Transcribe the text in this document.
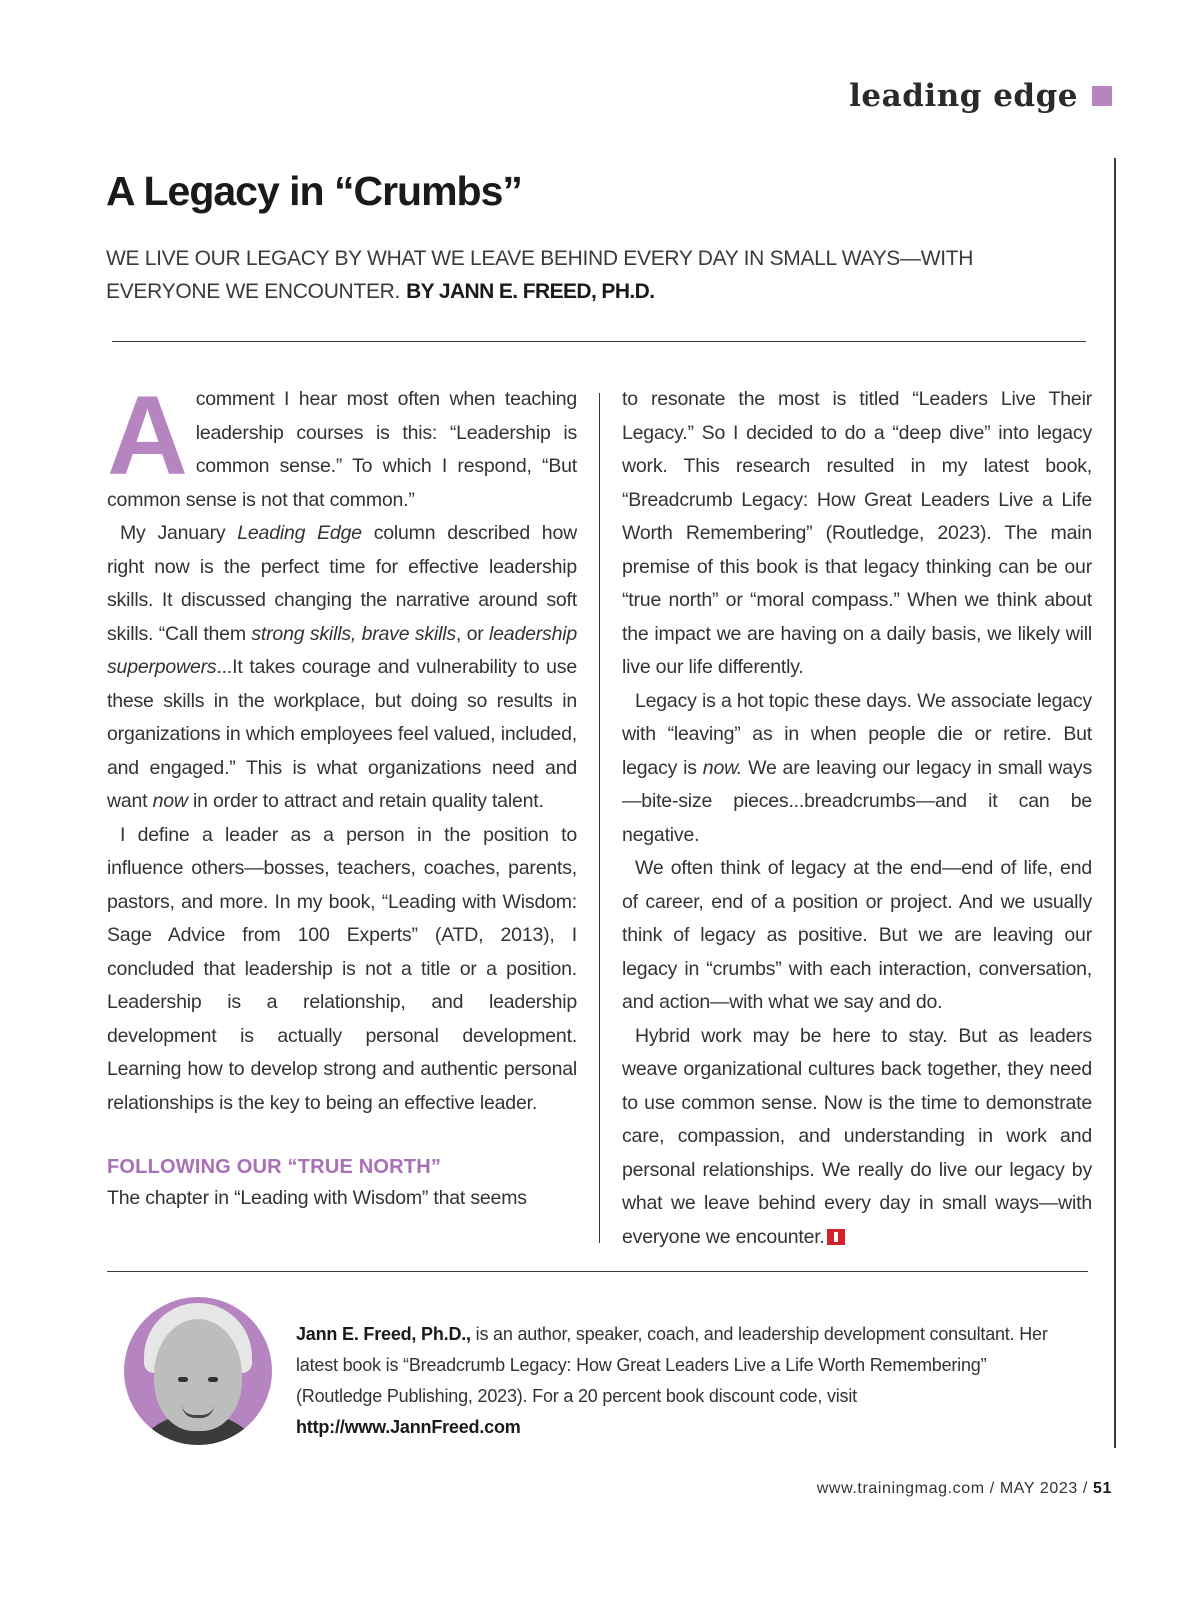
leading edge
A Legacy in “Crumbs”

WE LIVE OUR LEGACY BY WHAT WE LEAVE BEHIND EVERY DAY IN SMALL WAYS—WITH EVERYONE WE ENCOUNTER. BY JANN E. FREED, PH.D.

Acomment I hear most often when teaching leadership courses is this: “Leadership is common sense.” To which I respond, “But common sense is not that common.”

My January Leading Edge column described how right now is the perfect time for effective leadership skills. It discussed changing the narrative around soft skills. “Call them strong skills, brave skills, or leadership superpowers...It takes courage and vulnerability to use these skills in the workplace, but doing so results in organizations in which employees feel valued, included, and engaged.” This is what organizations need and want now in order to attract and retain quality talent.

I define a leader as a person in the position to influence others—bosses, teachers, coaches, parents, pastors, and more. In my book, “Leading with Wisdom: Sage Advice from 100 Experts” (ATD, 2013), I concluded that leadership is not a title or a position. Leadership is a relationship, and leadership development is actually personal development. Learning how to develop strong and authentic personal relationships is the key to being an effective leader.

FOLLOWING OUR “TRUE NORTH”

The chapter in “Leading with Wisdom” that seems

to resonate the most is titled “Leaders Live Their Legacy.” So I decided to do a “deep dive” into legacy work. This research resulted in my latest book, “Breadcrumb Legacy: How Great Leaders Live a Life Worth Remembering” (Routledge, 2023). The main premise of this book is that legacy thinking can be our “true north” or “moral compass.” When we think about the impact we are having on a daily basis, we likely will live our life differently.

Legacy is a hot topic these days. We associate legacy with “leaving” as in when people die or retire. But legacy is now. We are leaving our legacy in small ways—bite-size pieces...breadcrumbs—and it can be negative.

We often think of legacy at the end—end of life, end of career, end of a position or project. And we usually think of legacy as positive. But we are leaving our legacy in “crumbs” with each interaction, conversation, and action—with what we say and do.

Hybrid work may be here to stay. But as leaders weave organizational cultures back together, they need to use common sense. Now is the time to demonstrate care, compassion, and understanding in work and personal relationships. We really do live our legacy by what we leave behind every day in small ways—with everyone we encounter.

Jann E. Freed, Ph.D., is an author, speaker, coach, and leadership development consultant. Her latest book is “Breadcrumb Legacy: How Great Leaders Live a Life Worth Remembering” (Routledge Publishing, 2023). For a 20 percent book discount code, visit
http://www.JannFreed.com

www.trainingmag.com / MAY 2023 / 51
